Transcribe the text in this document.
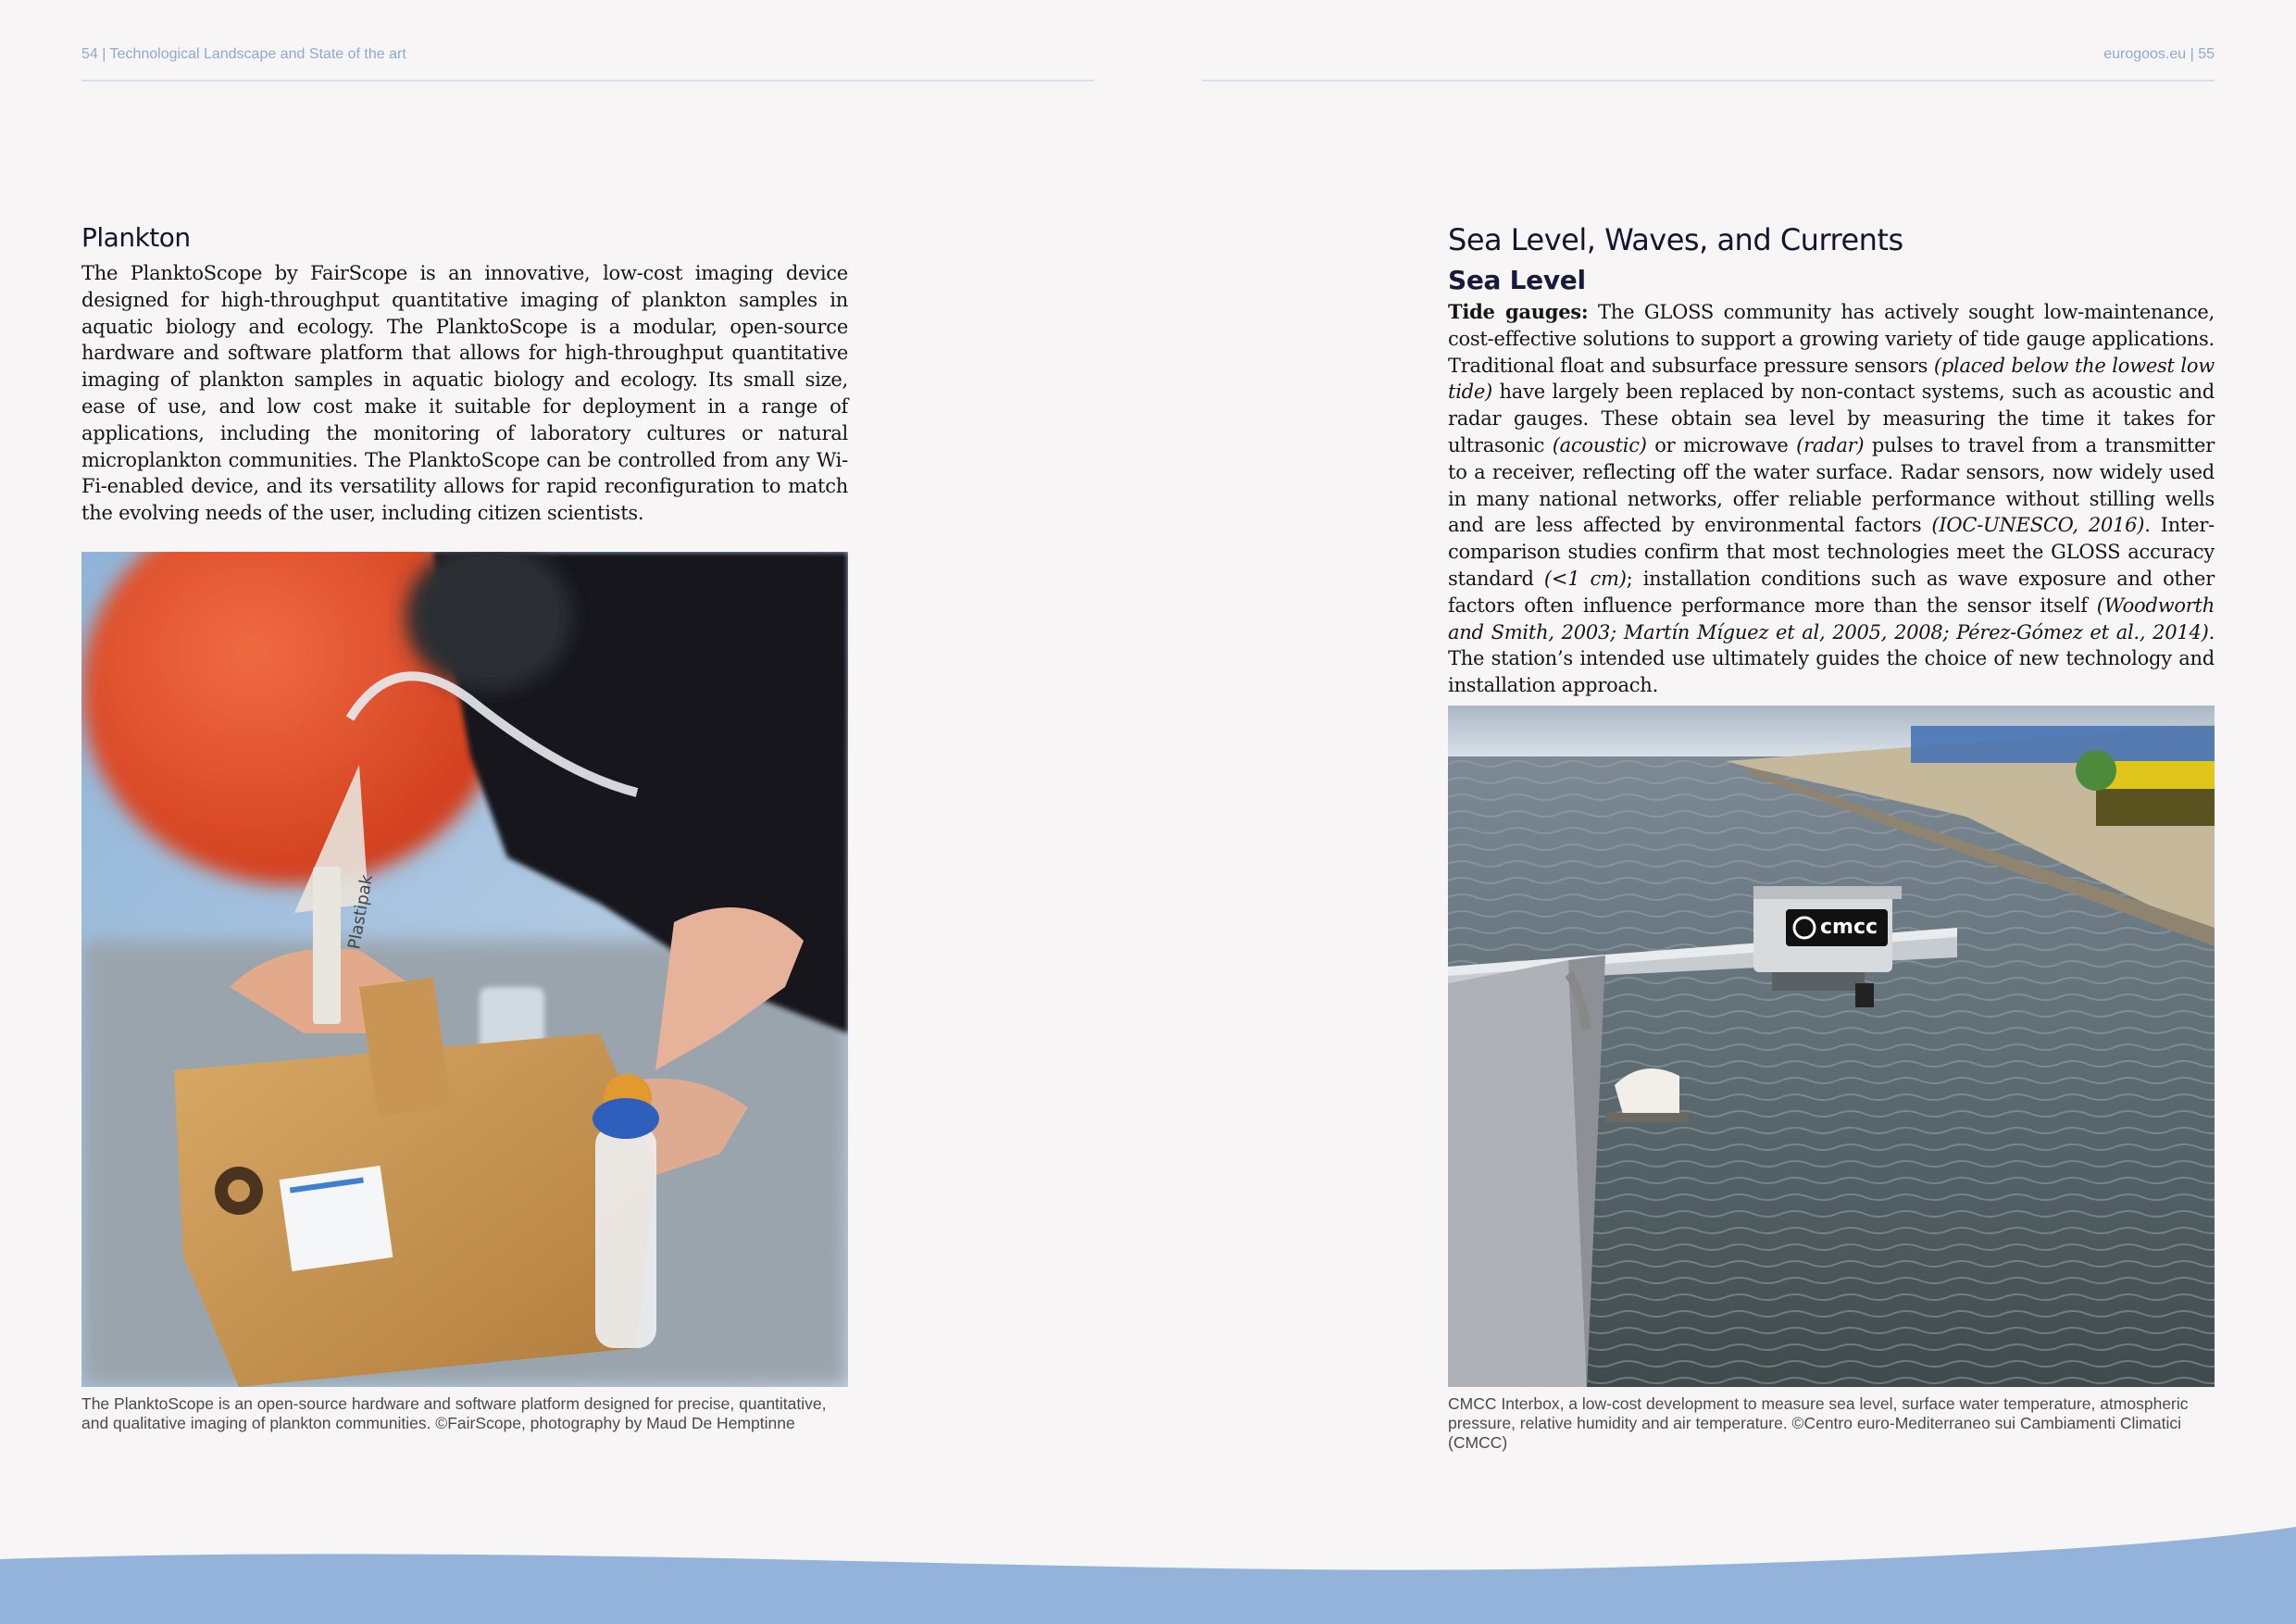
54 | Technological Landscape and State of the art	eurogoos.eu | 55
Plankton

The PlanktoScope by FairScope is an innovative, low-cost imaging device designed for high-throughput quantitative imaging of plankton samples in aquatic biology and ecology. The PlanktoScope is a modular, open-source hardware and software platform that allows for high-throughput quantitative imaging of plankton samples in aquatic biology and ecology. Its small size, ease of use, and low cost make it suitable for deployment in a range of applications, including the monitoring of laboratory cultures or natural microplankton communities. The PlanktoScope can be controlled from any Wi-Fi-enabled device, and its versatility allows for rapid reconfiguration to match the evolving needs of the user, including citizen scientists.

Plastipak

The PlanktoScope is an open-source hardware and software platform designed for precise, quantitative, and qualitative imaging of plankton communities. ©FairScope, photography by Maud De Hemptinne

Sea Level, Waves, and Currents
Sea Level

Tide gauges: The GLOSS community has actively sought low-maintenance, cost-effective solutions to support a growing variety of tide gauge applications. Traditional float and subsurface pressure sensors (placed below the lowest low tide) have largely been replaced by non-contact systems, such as acoustic and radar gauges. These obtain sea level by measuring the time it takes for ultrasonic (acoustic) or microwave (radar) pulses to travel from a transmitter to a receiver, reflecting off the water surface. Radar sensors, now widely used in many national networks, offer reliable performance without stilling wells and are less affected by environmental factors (IOC-UNESCO, 2016). Inter-comparison studies confirm that most technologies meet the GLOSS accuracy standard (<1 cm); installation conditions such as wave exposure and other factors often influence performance more than the sensor itself (Woodworth and Smith, 2003; Martín Míguez et al, 2005, 2008; Pérez-Gómez et al., 2014). The station’s intended use ultimately guides the choice of new technology and installation approach.

cmcc

CMCC Interbox, a low-cost development to measure sea level, surface water temperature, atmospheric pressure, relative humidity and air temperature. ©Centro euro-Mediterraneo sui Cambiamenti Climatici (CMCC)
